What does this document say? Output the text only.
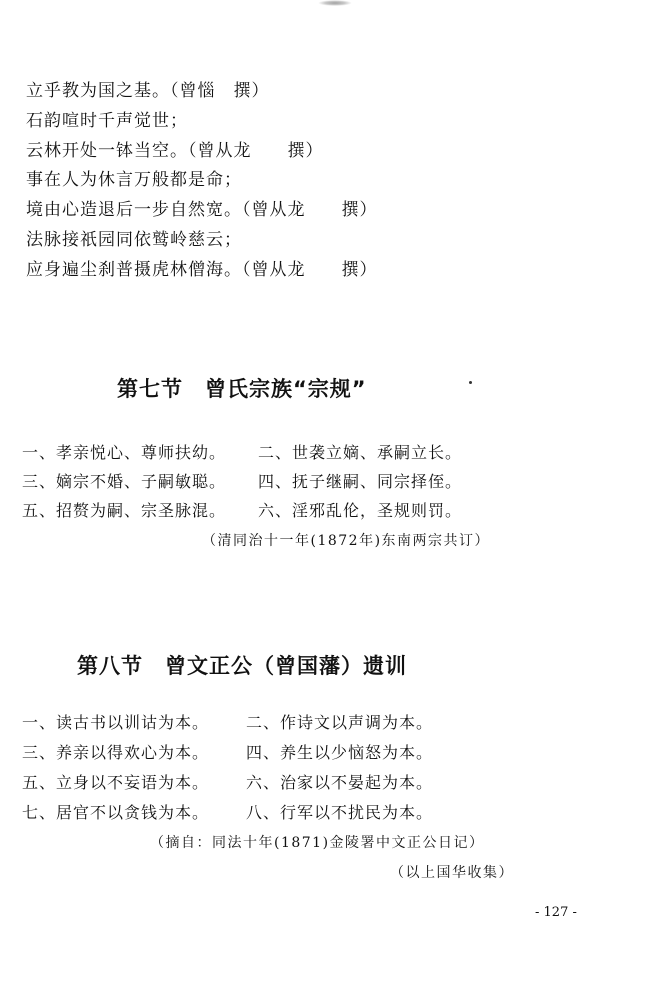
立乎教为国之基。（曾惱　撰）
石韵喧时千声觉世；
云林开处一钵当空。（曾从龙　　撰）
事在人为休言万般都是命；
境由心造退后一步自然宽。（曾从龙　　撰）
法脉接祇园同依鹫岭慈云；
应身遍尘刹普摄虎林僧海。（曾从龙　　撰）
第七节　曾氏宗族“宗规”
一、孝亲悦心、尊师扶幼。 二、世袭立嫡、承嗣立长。
三、嫡宗不婚、子嗣敏聪。 四、抚子继嗣、同宗择侄。
五、招赘为嗣、宗圣脉混。 六、淫邪乱伦，圣规则罚。
（清同治十一年(1872年)东南两宗共订）
第八节　曾文正公（曾国藩）遗训
一、读古书以训诂为本。 二、作诗文以声调为本。
三、养亲以得欢心为本。 四、养生以少恼怒为本。
五、立身以不妄语为本。 六、治家以不晏起为本。
七、居官不以贪钱为本。 八、行军以不扰民为本。
（摘自：同法十年(1871)金陵署中文正公日记）
（以上国华收集）
- 127 -
